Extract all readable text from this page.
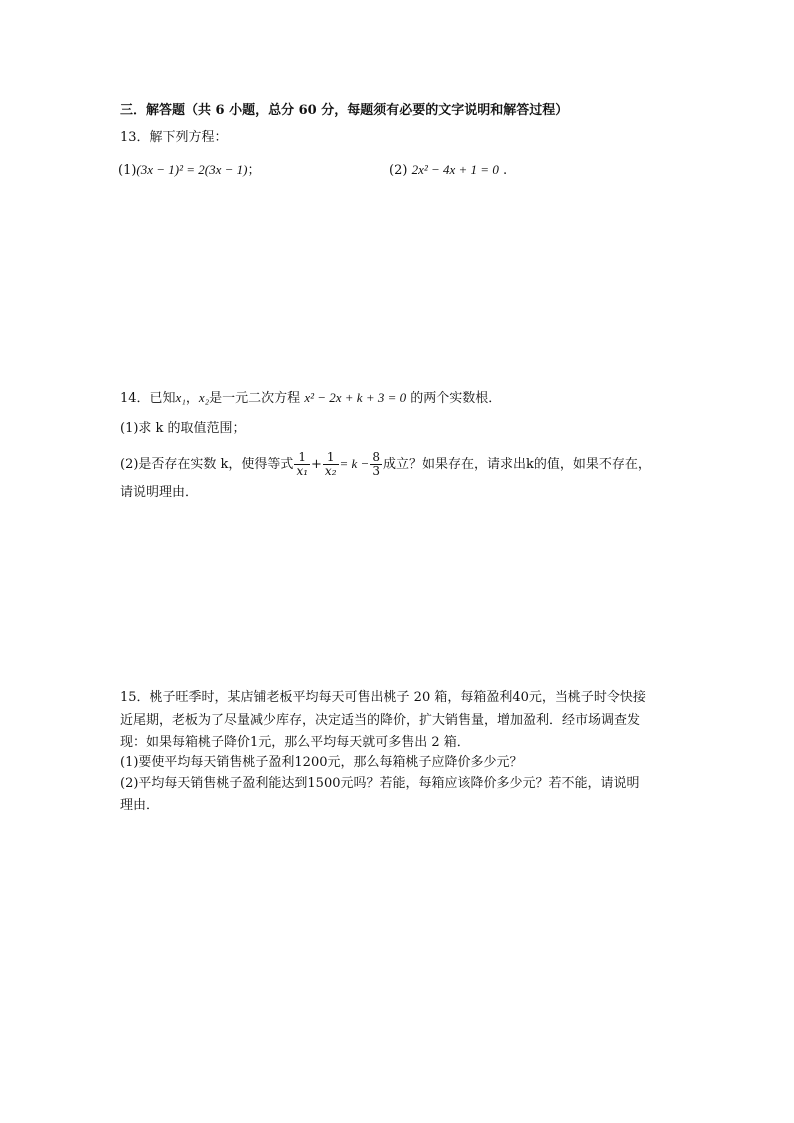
三．解答题（共 6 小题，总分 60 分，每题须有必要的文字说明和解答过程）
13．解下列方程：
(1)(3x − 1)² = 2(3x − 1)；	(2) 2x² − 4x + 1 = 0 .
14．已知x₁，x₂是一元二次方程 x² − 2x + k + 3 = 0 的两个实数根．
(1)求 k 的取值范围；
(2)是否存在实数 k，使得等式 $\frac{1}{\text{x₁}} + \frac{1}{\text{x₂}} = k - \frac{8}{3}$ 成立？如果存在，请求出k的值，如果不存在，
请说明理由．
15．桃子旺季时，某店铺老板平均每天可售出桃子 20 箱，每箱盈利40元，当桃子时令快接
近尾期，老板为了尽量减少库存，决定适当的降价，扩大销售量，增加盈利．经市场调查发
现：如果每箱桃子降价1元，那么平均每天就可多售出 2 箱．
(1)要使平均每天销售桃子盈利1200元，那么每箱桃子应降价多少元？
(2)平均每天销售桃子盈利能达到1500元吗？若能，每箱应该降价多少元？若不能，请说明
理由．
